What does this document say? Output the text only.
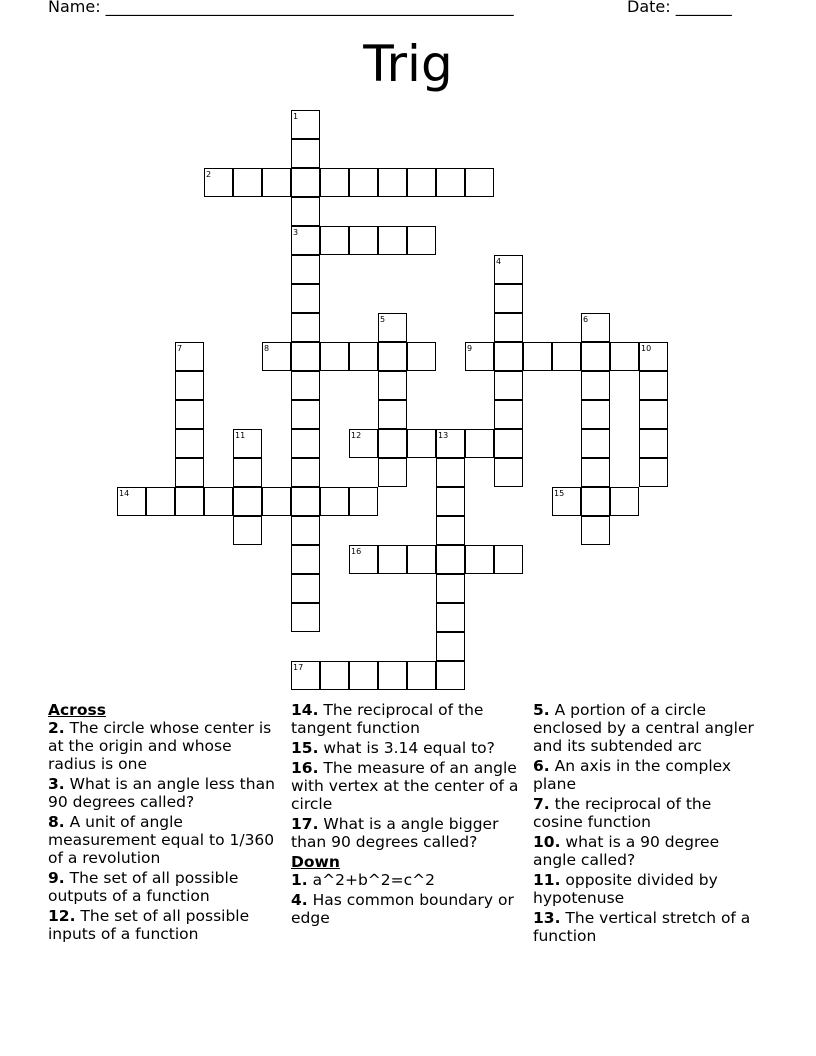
Name: ___________________________________________________	Date: _______
Trig
1
3
2
4
5	6
7	8	9	10
11	12	13
14	15
16
17
Across
2. The circle whose center is at the origin and whose radius is one
3. What is an angle less than 90 degrees called?
8. A unit of angle measurement equal to 1/360 of a revolution
9. The set of all possible outputs of a function
12. The set of all possible inputs of a function
14. The reciprocal of the tangent function
15. what is 3.14 equal to?
16. The measure of an angle with vertex at the center of a circle
17. What is a angle bigger than 90 degrees called?
Down
1. a^2+b^2=c^2
4. Has common boundary or edge
5. A portion of a circle enclosed by a central angler and its subtended arc
6. An axis in the complex plane
7. the reciprocal of the cosine function
10. what is a 90 degree angle called?
11. opposite divided by hypotenuse
13. The vertical stretch of a function
